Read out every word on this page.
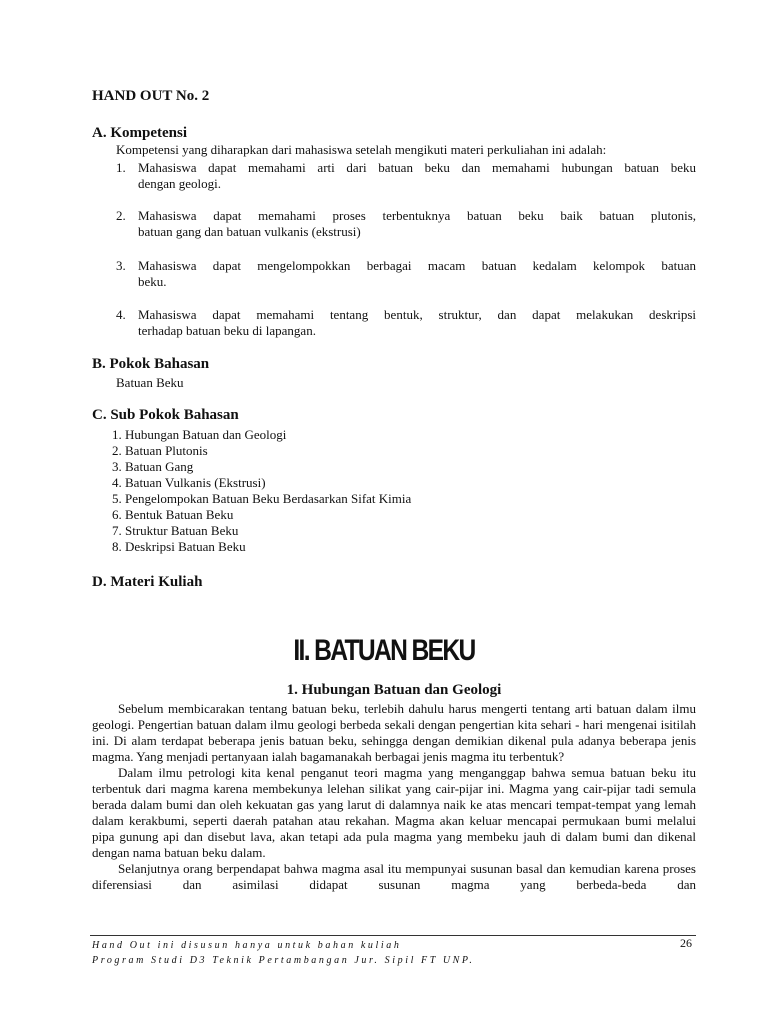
HAND OUT No. 2
A. Kompetensi
Kompetensi yang diharapkan dari mahasiswa setelah mengikuti materi perkuliahan ini adalah:
1. Mahasiswa dapat memahami arti dari batuan beku dan memahami hubungan batuan beku
dengan geologi.
2. Mahasiswa dapat memahami proses terbentuknya batuan beku baik batuan plutonis,
batuan gang dan batuan vulkanis (ekstrusi)
3. Mahasiswa dapat mengelompokkan berbagai macam batuan kedalam kelompok batuan
beku.
4. Mahasiswa dapat memahami tentang bentuk, struktur, dan dapat melakukan deskripsi
terhadap batuan beku di lapangan.
B. Pokok Bahasan
Batuan Beku
C. Sub Pokok Bahasan
1. Hubungan Batuan dan Geologi
2. Batuan Plutonis
3. Batuan Gang
4. Batuan Vulkanis (Ekstrusi)
5. Pengelompokan Batuan Beku Berdasarkan Sifat Kimia
6. Bentuk Batuan Beku
7. Struktur Batuan Beku
8. Deskripsi Batuan Beku
D. Materi Kuliah
II. BATUAN BEKU
1. Hubungan Batuan dan Geologi

Sebelum membicarakan tentang batuan beku, terlebih dahulu harus mengerti tentang arti batuan dalam ilmu geologi. Pengertian batuan dalam ilmu geologi berbeda sekali dengan pengertian kita sehari - hari mengenai isitilah ini. Di alam terdapat beberapa jenis batuan beku, sehingga dengan demikian dikenal pula adanya beberapa jenis magma. Yang menjadi pertanyaan ialah bagamanakah berbagai jenis magma itu terbentuk?

Dalam ilmu petrologi kita kenal penganut teori magma yang menganggap bahwa semua batuan beku itu terbentuk dari magma karena membekunya lelehan silikat yang cair-pijar ini. Magma yang cair-pijar tadi semula berada dalam bumi dan oleh kekuatan gas yang larut di dalamnya naik ke atas mencari tempat-tempat yang lemah dalam kerakbumi, seperti daerah patahan atau rekahan. Magma akan keluar mencapai permukaan bumi melalui pipa gunung api dan disebut lava, akan tetapi ada pula magma yang membeku jauh di dalam bumi dan dikenal dengan nama batuan beku dalam.

Selanjutnya orang berpendapat bahwa magma asal itu mempunyai susunan basal dan kemudian karena proses diferensiasi dan asimilasi didapat susunan magma yang berbeda-beda dan

26
Hand Out ini disusun hanya untuk bahan kuliah
Program Studi D3 Teknik Pertambangan Jur. Sipil FT UNP.
